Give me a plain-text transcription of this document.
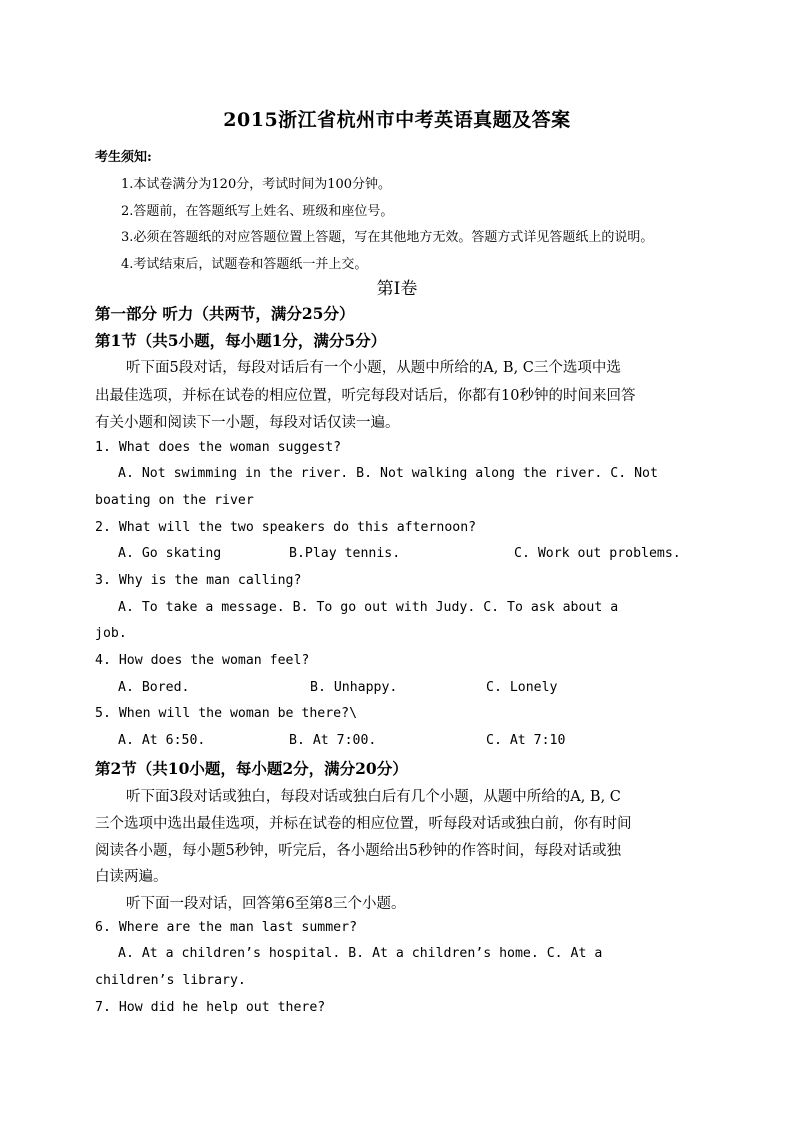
2015浙江省杭州市中考英语真题及答案
考生须知:
1.本试卷满分为120分，考试时间为100分钟。
2.答题前，在答题纸写上姓名、班级和座位号。
3.必须在答题纸的对应答题位置上答题，写在其他地方无效。答题方式详见答题纸上的说明。
4.考试结束后，试题卷和答题纸一并上交。
第Ⅰ卷
第一部分 听力（共两节，满分25分）
第1节（共5小题，每小题1分，满分5分）
听下面5段对话，每段对话后有一个小题，从题中所给的A, B, C三个选项中选
出最佳选项，并标在试卷的相应位置，听完每段对话后，你都有10秒钟的时间来回答
有关小题和阅读下一小题，每段对话仅读一遍。
1. What does the woman suggest?
A. Not swimming in the river. B. Not walking along the river. C. Not
boating on the river
2. What will the two speakers do this afternoon?
A. Go skating	B.Play tennis.	C. Work out problems.
3. Why is the man calling?
A. To take a message. B. To go out with Judy. C. To ask about a
job.
4. How does the woman feel?
A. Bored.	B. Unhappy.	C. Lonely
5. When will the woman be there?\
A. At 6:50.	B. At 7:00.	C. At 7:10
第2节（共10小题，每小题2分，满分20分）
听下面3段对话或独白，每段对话或独白后有几个小题，从题中所给的A, B, C
三个选项中选出最佳选项，并标在试卷的相应位置，听每段对话或独白前，你有时间
阅读各小题，每小题5秒钟，听完后，各小题给出5秒钟的作答时间，每段对话或独
白读两遍。
听下面一段对话，回答第6至第8三个小题。
6. Where are the man last summer?
A. At a children’s hospital. B. At a children’s home. C. At a
children’s library.
7. How did he help out there?
